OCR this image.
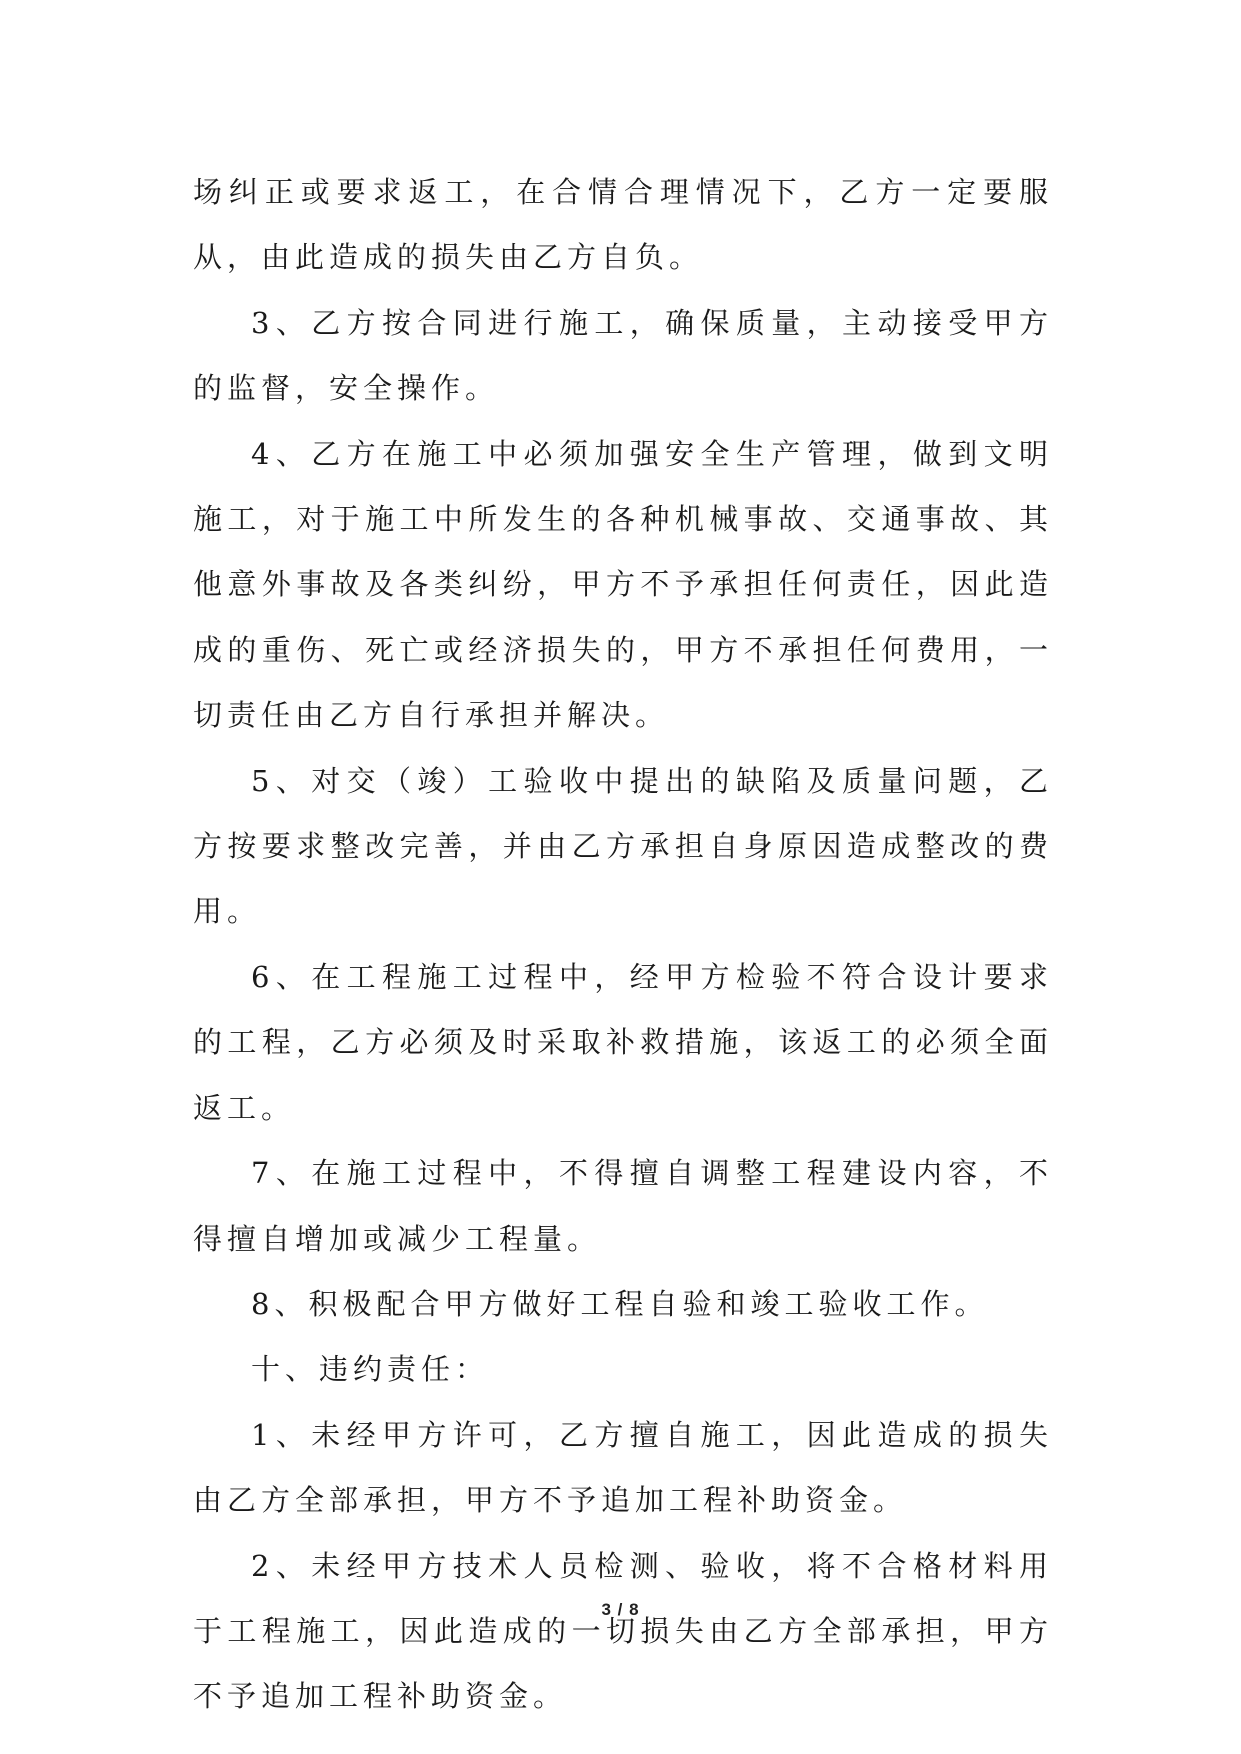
场纠正或要求返工，在合情合理情况下，乙方一定要服从，由此造成的损失由乙方自负。

3、乙方按合同进行施工，确保质量，主动接受甲方的监督，安全操作。

4、乙方在施工中必须加强安全生产管理，做到文明施工，对于施工中所发生的各种机械事故、交通事故、其他意外事故及各类纠纷，甲方不予承担任何责任，因此造成的重伤、死亡或经济损失的，甲方不承担任何费用，一切责任由乙方自行承担并解决。

5、对交（竣）工验收中提出的缺陷及质量问题，乙方按要求整改完善，并由乙方承担自身原因造成整改的费用。

6、在工程施工过程中，经甲方检验不符合设计要求的工程，乙方必须及时采取补救措施，该返工的必须全面返工。

7、在施工过程中，不得擅自调整工程建设内容，不得擅自增加或减少工程量。

8、积极配合甲方做好工程自验和竣工验收工作。

十、违约责任：

1、未经甲方许可，乙方擅自施工，因此造成的损失由乙方全部承担，甲方不予追加工程补助资金。

2、未经甲方技术人员检测、验收，将不合格材料用于工程施工，因此造成的一切损失由乙方全部承担，甲方不予追加工程补助资金。

3 / 8
